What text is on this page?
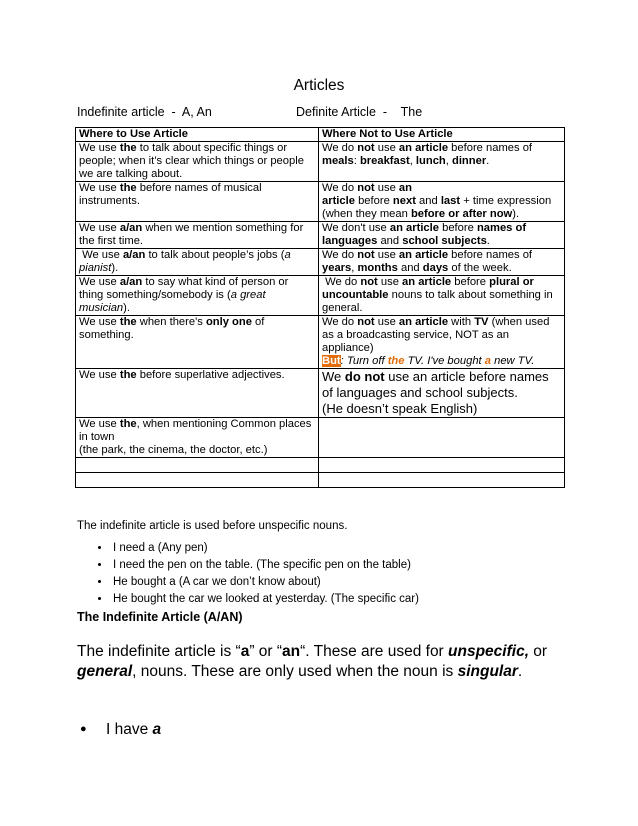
Articles
Indefinite article  -  A, An	Definite Article  -    The
Where to Use Article	Where Not to Use Article
We use the to talk about specific things or people; when it’s clear which things or people we are talking about.	We do not use an article before names of meals: breakfast, lunch, dinner.
We use the before names of musical instruments.	We do not use an
article before next and last + time expression (when they mean before or after now).
We use a/an when we mention something for the first time.	We don't use an article before names of languages and school subjects.
We use a/an to talk about people’s jobs (a pianist).	We do not use an article before names of years, months and days of the week.
We use a/an to say what kind of person or thing something/somebody is (a great musician).	We do not use an article before plural or uncountable nouns to talk about something in general.
We use the when there's only one of something.	We do not use an article with TV (when used as a broadcasting service, NOT as an appliance)
But: Turn off the TV. I've bought a new TV.
We use the before superlative adjectives.	We do not use an article before names of languages and school subjects.
(He doesn’t speak English)
We use the, when mentioning Common places in town
(the park, the cinema, the doctor, etc.)	

The indefinite article is used before unspecific nouns.
• I need a (Any pen)
• I need the pen on the table. (The specific pen on the table)
• He bought a (A car we don’t know about)
• He bought the car we looked at yesterday. (The specific car)
The Indefinite Article (A/AN)
The indefinite article is “a” or “an“. These are used for unspecific, or general, nouns. These are only used when the noun is singular.
● I have a
